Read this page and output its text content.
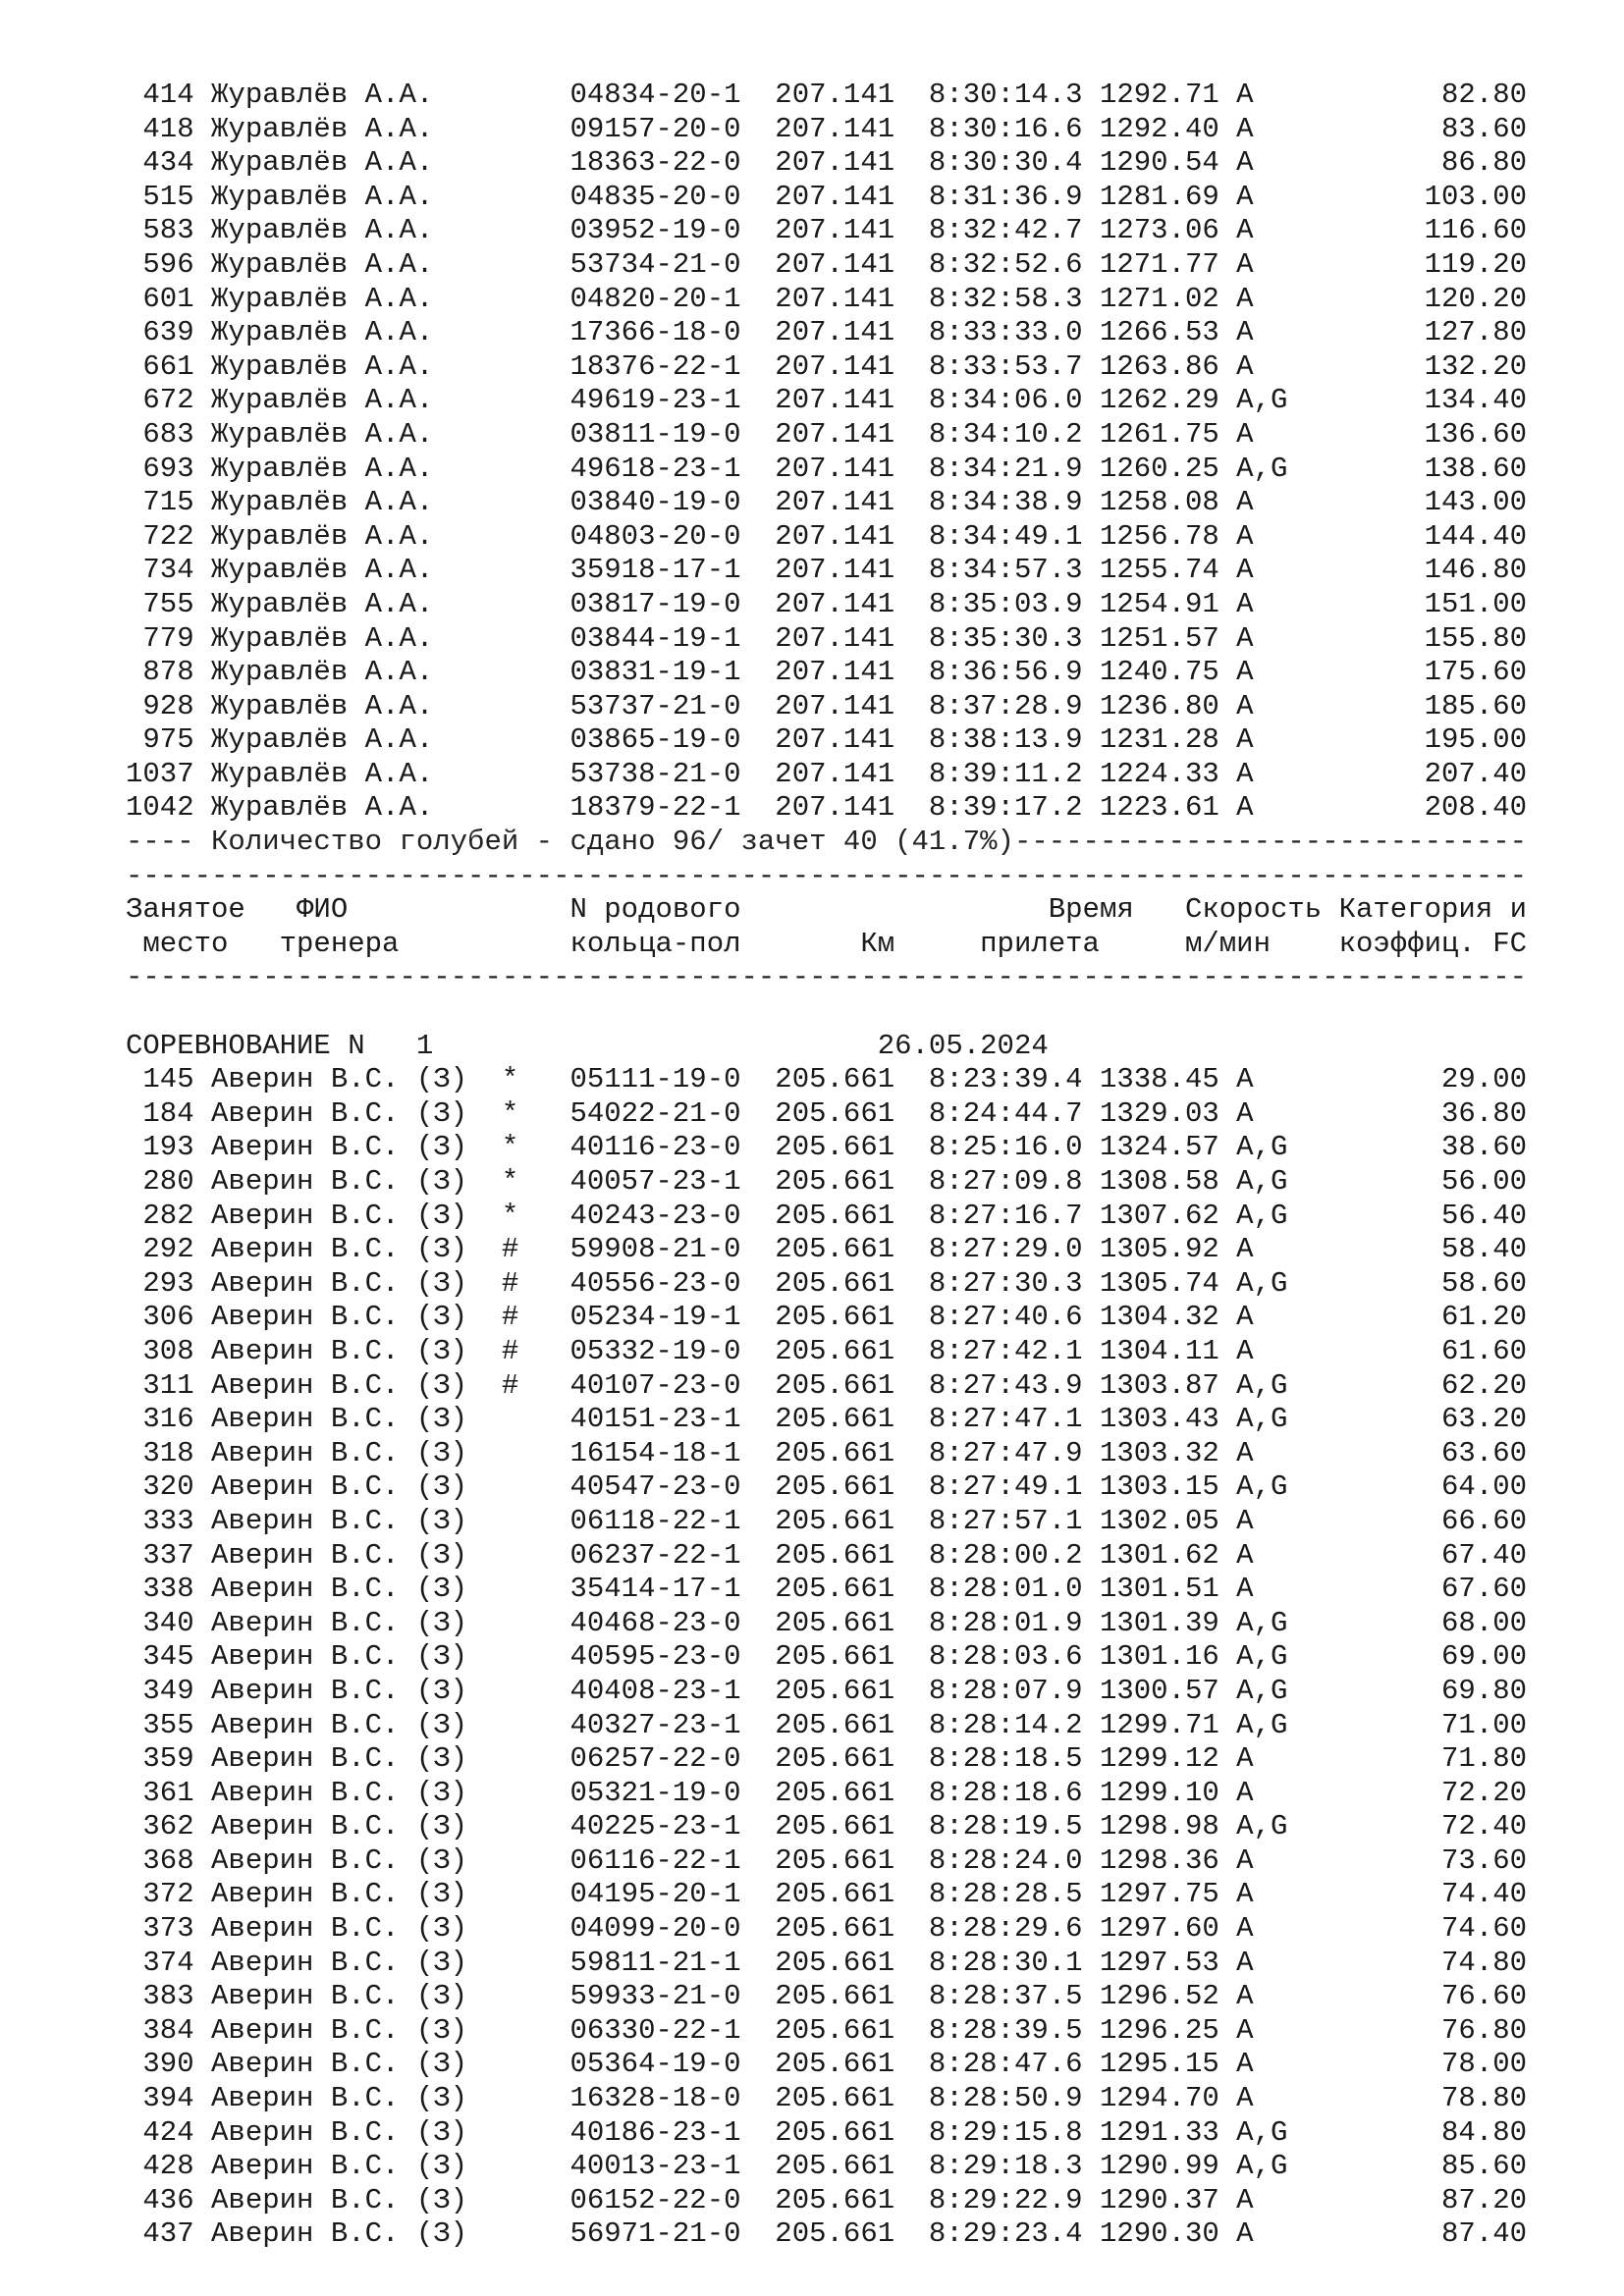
414 Журавлёв А.А.        04834-20-1  207.141  8:30:14.3 1292.71 A           82.80
418 Журавлёв А.А.        09157-20-0  207.141  8:30:16.6 1292.40 A           83.60
434 Журавлёв А.А.        18363-22-0  207.141  8:30:30.4 1290.54 A           86.80
515 Журавлёв А.А.        04835-20-0  207.141  8:31:36.9 1281.69 A          103.00
583 Журавлёв А.А.        03952-19-0  207.141  8:32:42.7 1273.06 A          116.60
596 Журавлёв А.А.        53734-21-0  207.141  8:32:52.6 1271.77 A          119.20
601 Журавлёв А.А.        04820-20-1  207.141  8:32:58.3 1271.02 A          120.20
639 Журавлёв А.А.        17366-18-0  207.141  8:33:33.0 1266.53 A          127.80
661 Журавлёв А.А.        18376-22-1  207.141  8:33:53.7 1263.86 A          132.20
672 Журавлёв А.А.        49619-23-1  207.141  8:34:06.0 1262.29 A,G        134.40
683 Журавлёв А.А.        03811-19-0  207.141  8:34:10.2 1261.75 A          136.60
693 Журавлёв А.А.        49618-23-1  207.141  8:34:21.9 1260.25 A,G        138.60
715 Журавлёв А.А.        03840-19-0  207.141  8:34:38.9 1258.08 A          143.00
722 Журавлёв А.А.        04803-20-0  207.141  8:34:49.1 1256.78 A          144.40
734 Журавлёв А.А.        35918-17-1  207.141  8:34:57.3 1255.74 A          146.80
755 Журавлёв А.А.        03817-19-0  207.141  8:35:03.9 1254.91 A          151.00
779 Журавлёв А.А.        03844-19-1  207.141  8:35:30.3 1251.57 A          155.80
878 Журавлёв А.А.        03831-19-1  207.141  8:36:56.9 1240.75 A          175.60
928 Журавлёв А.А.        53737-21-0  207.141  8:37:28.9 1236.80 A          185.60
975 Журавлёв А.А.        03865-19-0  207.141  8:38:13.9 1231.28 A          195.00
1037 Журавлёв А.А.        53738-21-0  207.141  8:39:11.2 1224.33 A          207.40
1042 Журавлёв А.А.        18379-22-1  207.141  8:39:17.2 1223.61 A          208.40
---- Количество голубей - сдано 96/ зачет 40 (41.7%)------------------------------
----------------------------------------------------------------------------------
Занятое   ФИО             N родового                  Время   Скорость Категория и
место   тренера          кольца-пол       Км     прилета     м/мин    коэффиц. FC
----------------------------------------------------------------------------------

СОРЕВНОВАНИЕ N   1                          26.05.2024
145 Аверин В.С. (З)  *   05111-19-0  205.661  8:23:39.4 1338.45 A           29.00
184 Аверин В.С. (З)  *   54022-21-0  205.661  8:24:44.7 1329.03 A           36.80
193 Аверин В.С. (З)  *   40116-23-0  205.661  8:25:16.0 1324.57 A,G         38.60
280 Аверин В.С. (З)  *   40057-23-1  205.661  8:27:09.8 1308.58 A,G         56.00
282 Аверин В.С. (З)  *   40243-23-0  205.661  8:27:16.7 1307.62 A,G         56.40
292 Аверин В.С. (З)  #   59908-21-0  205.661  8:27:29.0 1305.92 A           58.40
293 Аверин В.С. (З)  #   40556-23-0  205.661  8:27:30.3 1305.74 A,G         58.60
306 Аверин В.С. (З)  #   05234-19-1  205.661  8:27:40.6 1304.32 A           61.20
308 Аверин В.С. (З)  #   05332-19-0  205.661  8:27:42.1 1304.11 A           61.60
311 Аверин В.С. (З)  #   40107-23-0  205.661  8:27:43.9 1303.87 A,G         62.20
316 Аверин В.С. (З)      40151-23-1  205.661  8:27:47.1 1303.43 A,G         63.20
318 Аверин В.С. (З)      16154-18-1  205.661  8:27:47.9 1303.32 A           63.60
320 Аверин В.С. (З)      40547-23-0  205.661  8:27:49.1 1303.15 A,G         64.00
333 Аверин В.С. (З)      06118-22-1  205.661  8:27:57.1 1302.05 A           66.60
337 Аверин В.С. (З)      06237-22-1  205.661  8:28:00.2 1301.62 A           67.40
338 Аверин В.С. (З)      35414-17-1  205.661  8:28:01.0 1301.51 A           67.60
340 Аверин В.С. (З)      40468-23-0  205.661  8:28:01.9 1301.39 A,G         68.00
345 Аверин В.С. (З)      40595-23-0  205.661  8:28:03.6 1301.16 A,G         69.00
349 Аверин В.С. (З)      40408-23-1  205.661  8:28:07.9 1300.57 A,G         69.80
355 Аверин В.С. (З)      40327-23-1  205.661  8:28:14.2 1299.71 A,G         71.00
359 Аверин В.С. (З)      06257-22-0  205.661  8:28:18.5 1299.12 A           71.80
361 Аверин В.С. (З)      05321-19-0  205.661  8:28:18.6 1299.10 A           72.20
362 Аверин В.С. (З)      40225-23-1  205.661  8:28:19.5 1298.98 A,G         72.40
368 Аверин В.С. (З)      06116-22-1  205.661  8:28:24.0 1298.36 A           73.60
372 Аверин В.С. (З)      04195-20-1  205.661  8:28:28.5 1297.75 A           74.40
373 Аверин В.С. (З)      04099-20-0  205.661  8:28:29.6 1297.60 A           74.60
374 Аверин В.С. (З)      59811-21-1  205.661  8:28:30.1 1297.53 A           74.80
383 Аверин В.С. (З)      59933-21-0  205.661  8:28:37.5 1296.52 A           76.60
384 Аверин В.С. (З)      06330-22-1  205.661  8:28:39.5 1296.25 A           76.80
390 Аверин В.С. (З)      05364-19-0  205.661  8:28:47.6 1295.15 A           78.00
394 Аверин В.С. (З)      16328-18-0  205.661  8:28:50.9 1294.70 A           78.80
424 Аверин В.С. (З)      40186-23-1  205.661  8:29:15.8 1291.33 A,G         84.80
428 Аверин В.С. (З)      40013-23-1  205.661  8:29:18.3 1290.99 A,G         85.60
436 Аверин В.С. (З)      06152-22-0  205.661  8:29:22.9 1290.37 A           87.20
437 Аверин В.С. (З)      56971-21-0  205.661  8:29:23.4 1290.30 A           87.40
